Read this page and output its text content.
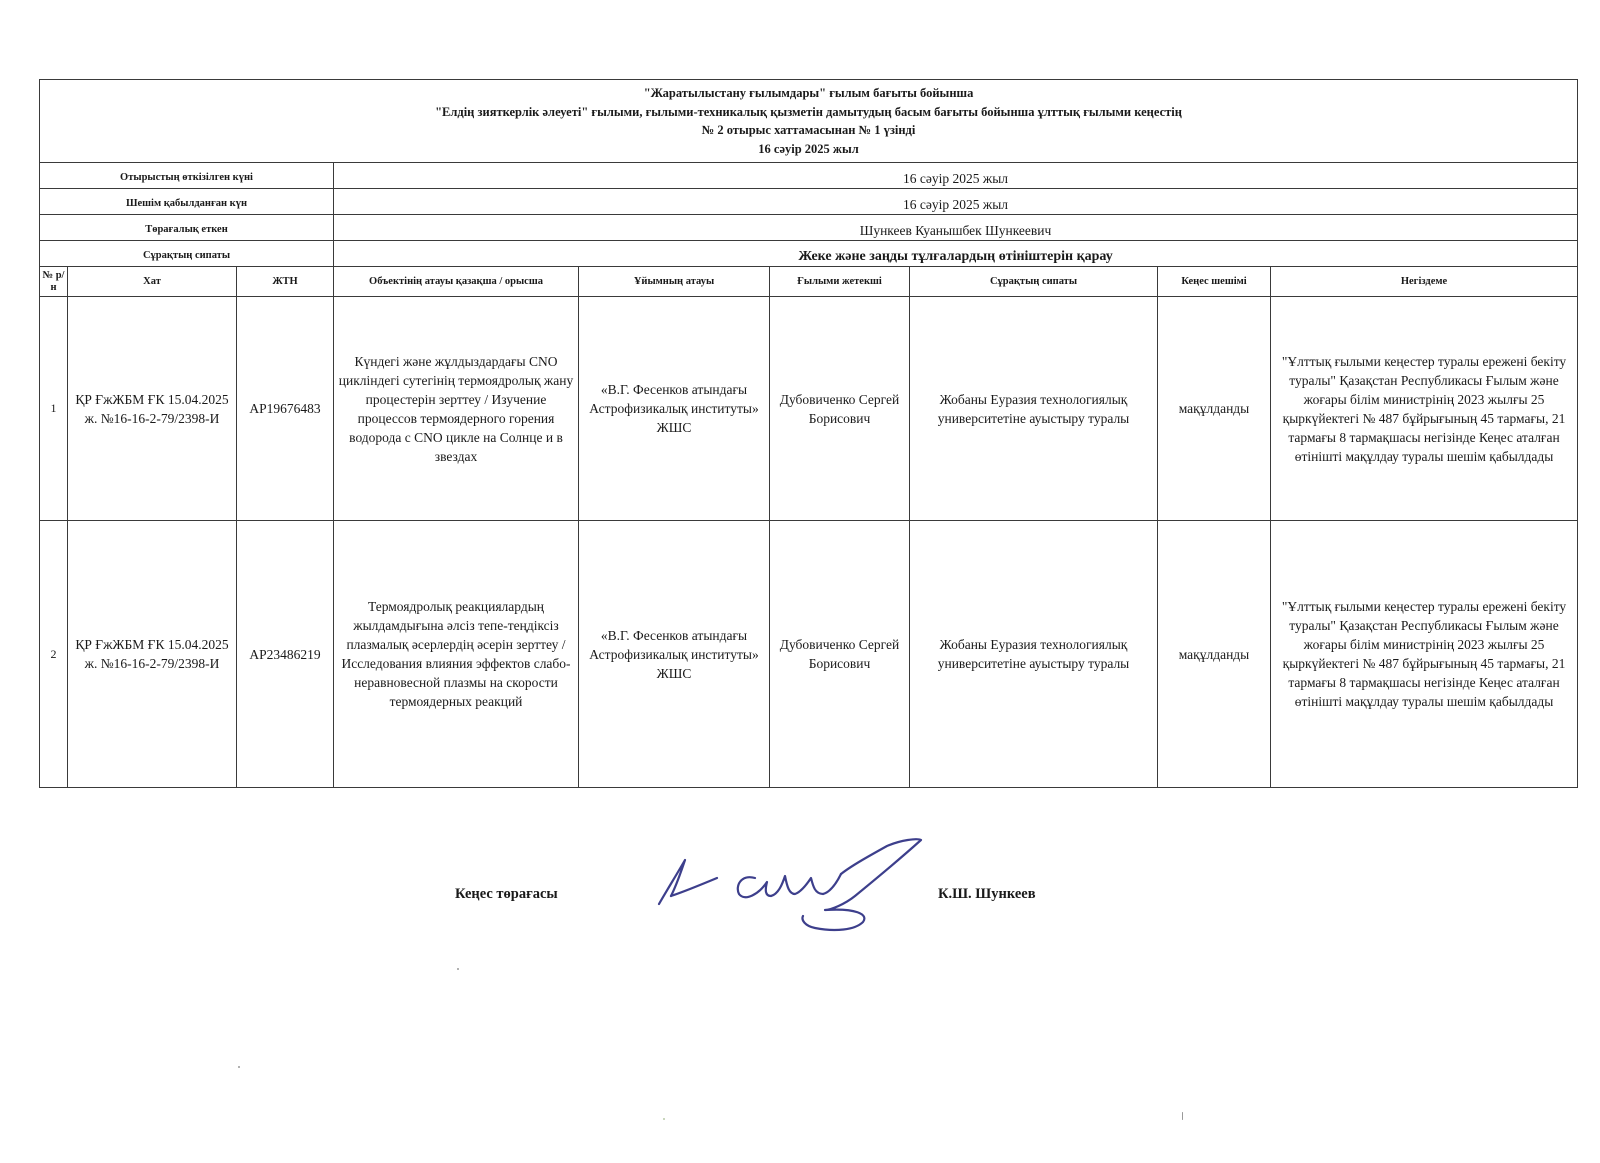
"Жаратылыстану ғылымдары" ғылым бағыты бойынша
"Елдің зияткерлік әлеуеті" ғылыми, ғылыми-техникалық қызметін дамытудың басым бағыты бойынша ұлттық ғылыми кеңестің
№ 2 отырыс хаттамасынан № 1 үзінді
16 сәуір 2025 жыл								

Отырыстың өткізілген күні			16 сәуір 2025 жыл					
Шешім қабылданған күн			16 сәуір 2025 жыл					
Төрағалық еткен			Шункеев Куанышбек Шункеевич					
Сұрақтың сипаты			Жеке және заңды тұлғалардың өтініштерін қарау					
№ р/н	Хат	ЖТН	Объектінің атауы қазақша / орысша	Ұйымның атауы	Ғылыми жетекші	Сұрақтың сипаты	Кеңес шешімі	Негіздеме
1	ҚР ҒжЖБМ ҒК 15.04.2025 ж. №16-16-2-79/2398-И	AP19676483	Күндегі және жұлдыздардағы CNO циклiндегі сутегінің термоядролық жану процестерін зерттеу / Изучение процессов термоядерного горения водорода с CNO цикле на Солнце и в звездах	«В.Г. Фесенков атындағы Астрофизикалық институты» ЖШС	Дубовиченко Сергей Борисович	Жобаны Еуразия технологиялық университетіне ауыстыру туралы	мақұлданды	"Ұлттық ғылыми кеңестер туралы ережені бекіту туралы" Қазақстан Республикасы Ғылым және жоғары білім министрінің 2023 жылғы 25 қыркүйектегі № 487 бұйрығының 45 тармағы, 21 тармағы 8 тармақшасы негізінде Кеңес аталған өтінішті мақұлдау туралы шешім қабылдады
2	ҚР ҒжЖБМ ҒК 15.04.2025 ж. №16-16-2-79/2398-И	AP23486219	Термоядролық реакциялардың жылдамдығына әлсіз тепе-теңдіксіз плазмалық әсерлердің әсерін зерттеу / Исследования влияния эффектов слабо-неравновесной плазмы на скорости термоядерных реакций	«В.Г. Фесенков атындағы Астрофизикалық институты» ЖШС	Дубовиченко Сергей Борисович	Жобаны Еуразия технологиялық университетіне ауыстыру туралы	мақұлданды	"Ұлттық ғылыми кеңестер туралы ережені бекіту туралы" Қазақстан Республикасы Ғылым және жоғары білім министрінің 2023 жылғы 25 қыркүйектегі № 487 бұйрығының 45 тармағы, 21 тармағы 8 тармақшасы негізінде Кеңес аталған өтінішті мақұлдау туралы шешім қабылдады
Кеңес төрағасы	К.Ш. Шункеев
